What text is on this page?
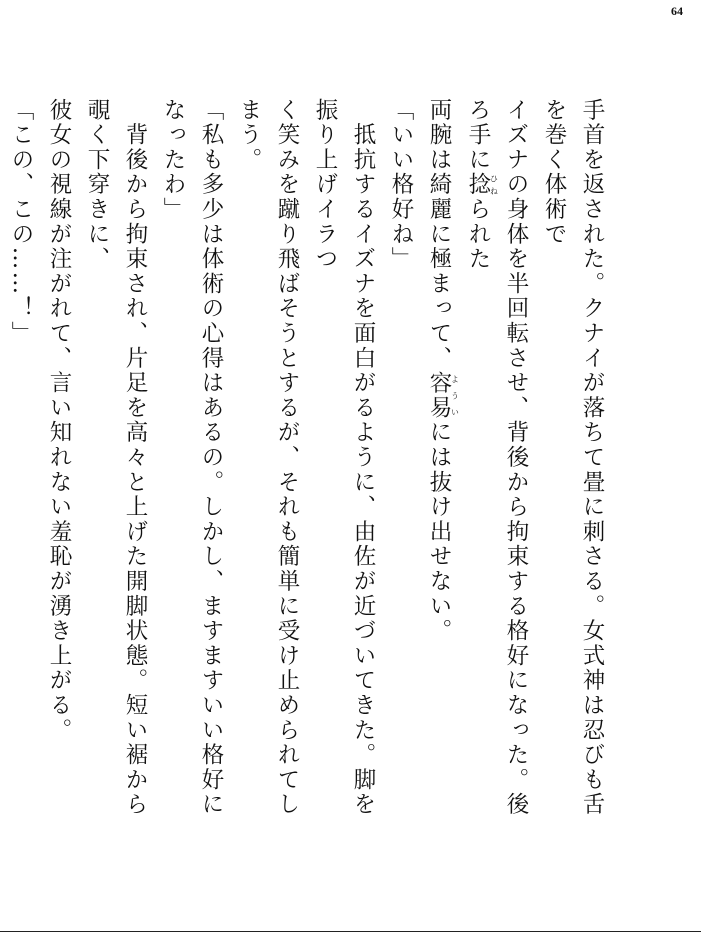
64

手首を返された。クナイが落ちて畳に刺さる。女式神は忍びも舌を巻く体術で

イズナの身体を半回転させ、背後から拘束する格好になった。後ろ手に捻ひねられた

両腕は綺麗に極まって、容易よういには抜け出せない。

「いい格好ね」

　抵抗するイズナを面白がるように、由佐が近づいてきた。脚を振り上げイラつ

く笑みを蹴り飛ばそうとするが、それも簡単に受け止められてしまう。

「私も多少は体術の心得はあるの。しかし、ますますいい格好になったわ」

　背後から拘束され、片足を高々と上げた開脚状態。短い裾から覗く下穿きに、

彼女の視線が注がれて、言い知れない羞恥が湧き上がる。

「この、この……！」
